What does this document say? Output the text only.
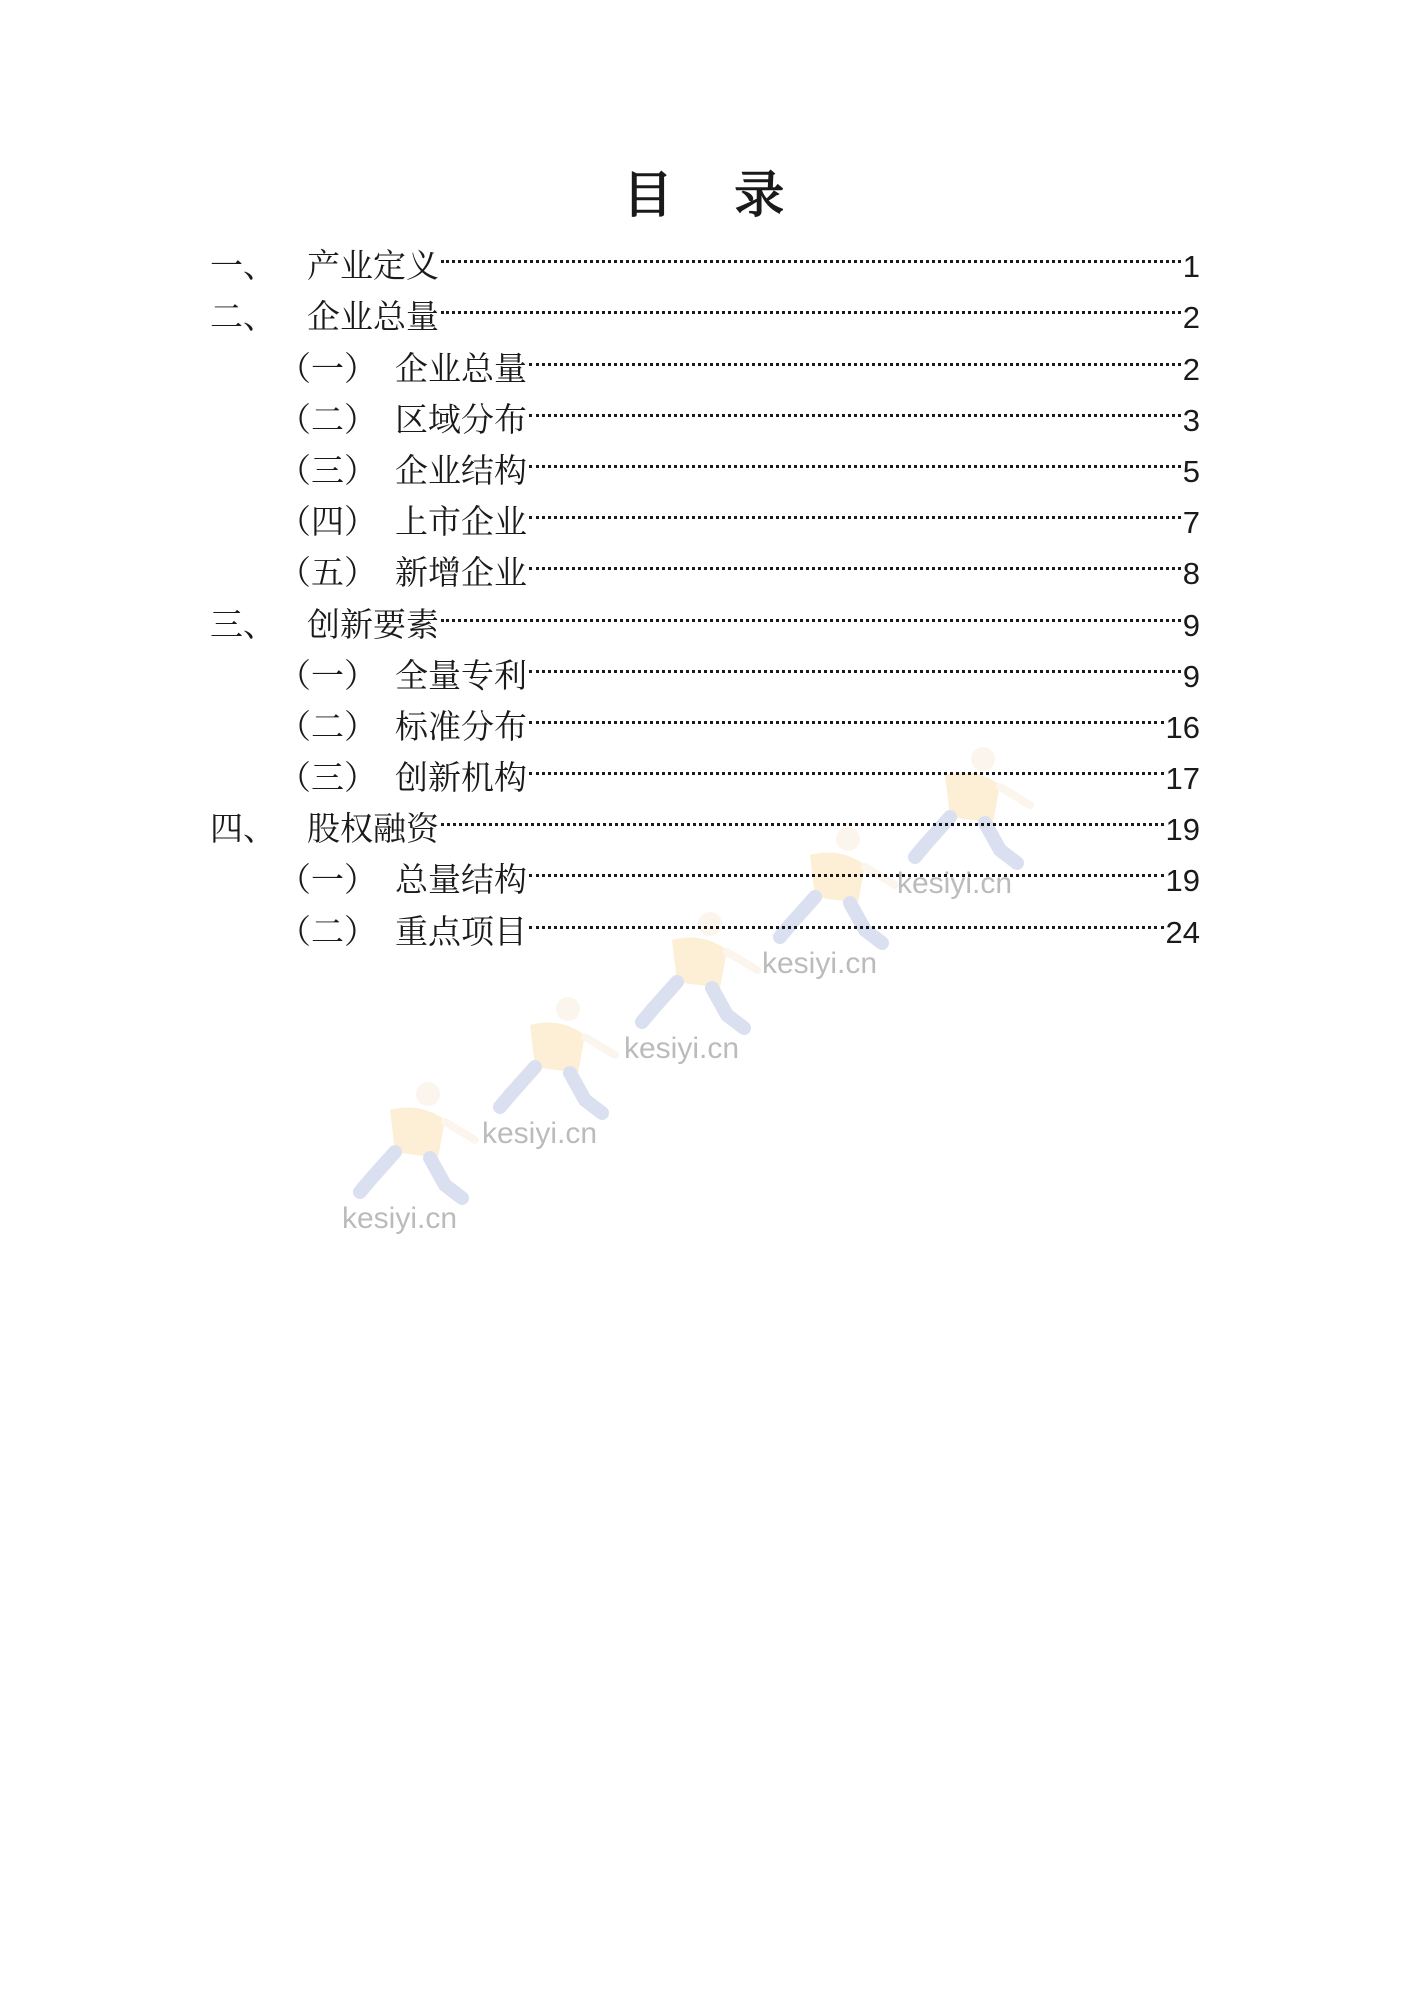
kesiyi.cn
kesiyi.cn
kesiyi.cn
kesiyi.cn
kesiyi.cn
目 录
一、 产业定义	1
二、 企业总量	2
（一） 企业总量	2
（二） 区域分布	3
（三） 企业结构	5
（四） 上市企业	7
（五） 新增企业	8
三、 创新要素	9
（一） 全量专利	9
（二） 标准分布	16
（三） 创新机构	17
四、 股权融资	19
（一） 总量结构	19
（二） 重点项目	24
